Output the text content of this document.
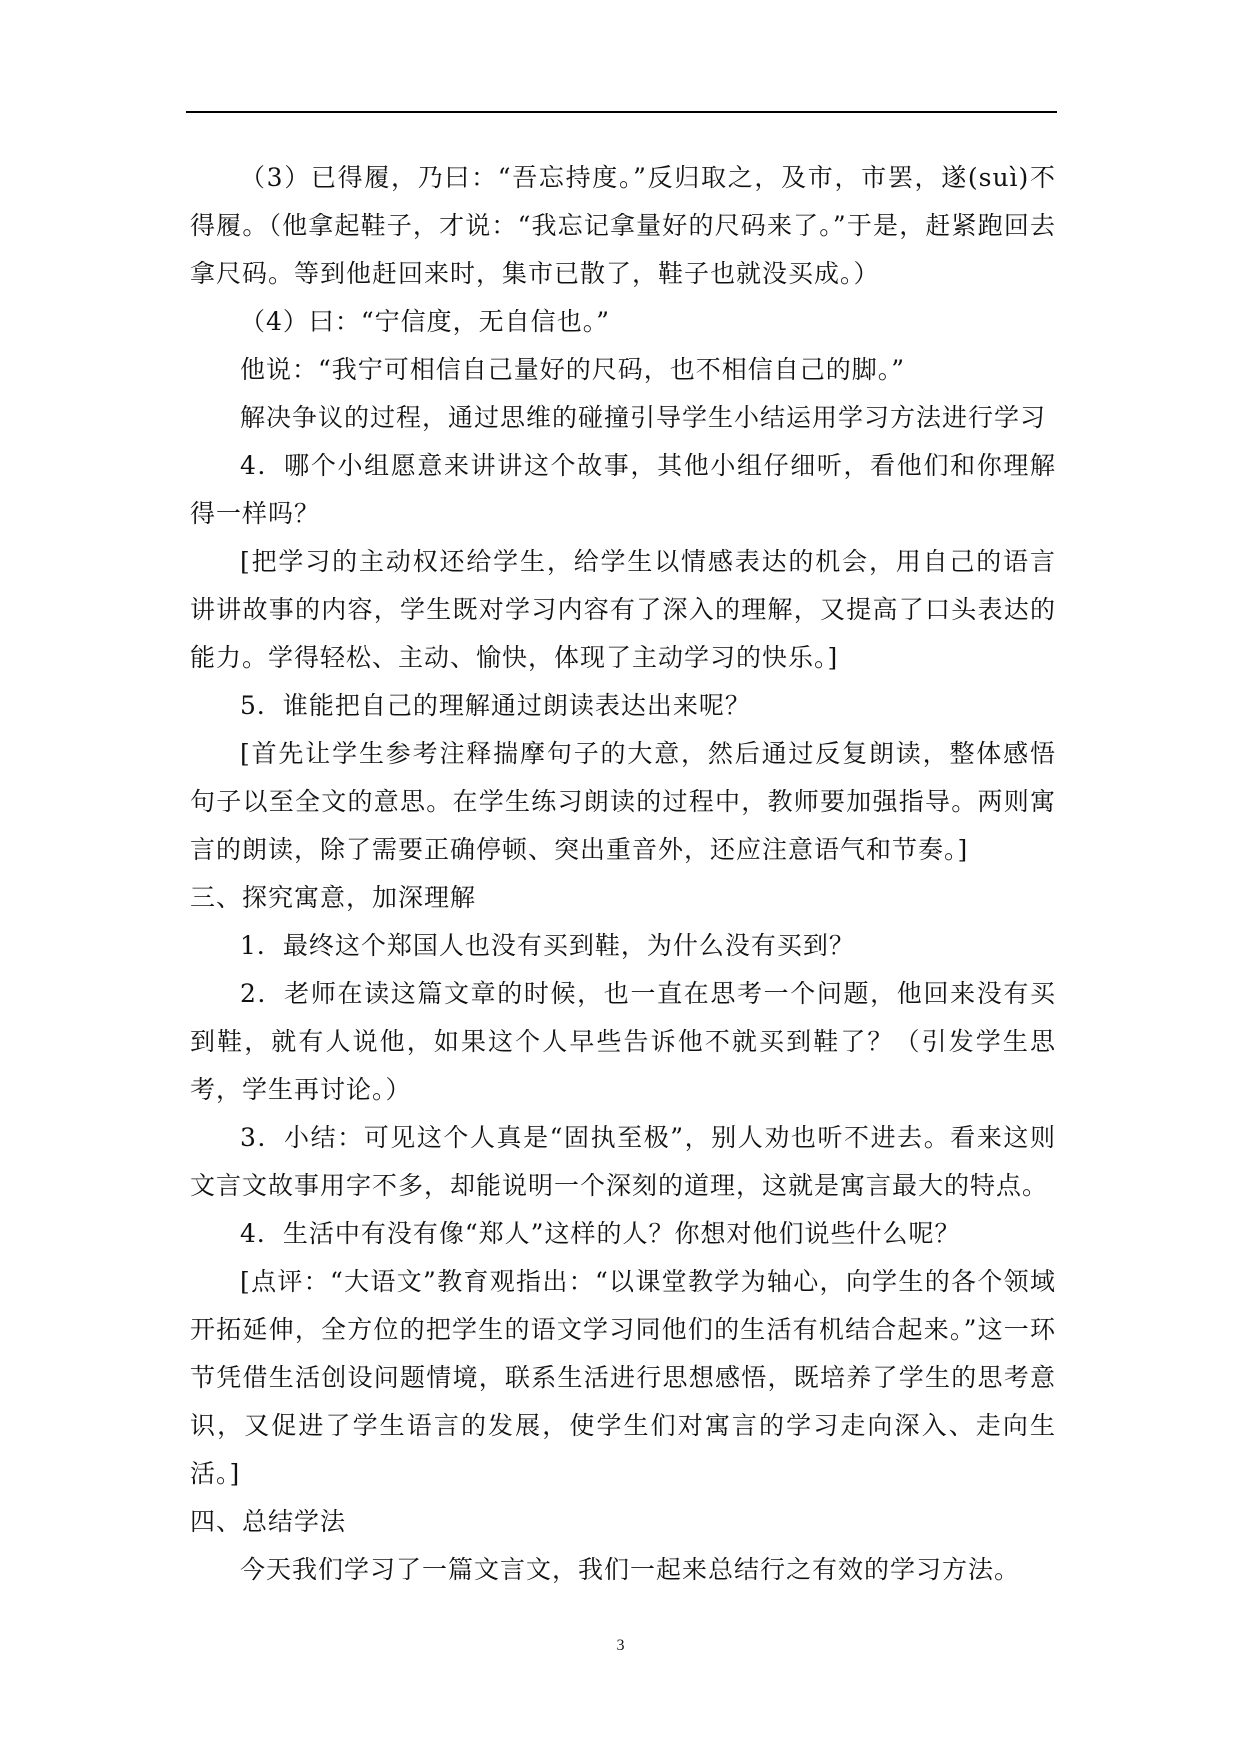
（3）已得履，乃曰：“吾忘持度。”反归取之，及市，市罢，遂(suì)不得履。（他拿起鞋子，才说：“我忘记拿量好的尺码来了。”于是，赶紧跑回去拿尺码。等到他赶回来时，集市已散了，鞋子也就没买成。）

（4）曰：“宁信度，无自信也。”

他说：“我宁可相信自己量好的尺码，也不相信自己的脚。”

解决争议的过程，通过思维的碰撞引导学生小结运用学习方法进行学习

4．哪个小组愿意来讲讲这个故事，其他小组仔细听，看他们和你理解得一样吗？

[把学习的主动权还给学生，给学生以情感表达的机会，用自己的语言讲讲故事的内容，学生既对学习内容有了深入的理解，又提高了口头表达的能力。学得轻松、主动、愉快，体现了主动学习的快乐。]

5．谁能把自己的理解通过朗读表达出来呢？

[首先让学生参考注释揣摩句子的大意，然后通过反复朗读，整体感悟句子以至全文的意思。在学生练习朗读的过程中，教师要加强指导。两则寓言的朗读，除了需要正确停顿、突出重音外，还应注意语气和节奏。]

三、探究寓意，加深理解

1．最终这个郑国人也没有买到鞋，为什么没有买到？

2．老师在读这篇文章的时候，也一直在思考一个问题，他回来没有买到鞋，就有人说他，如果这个人早些告诉他不就买到鞋了？（引发学生思考，学生再讨论。）

3．小结：可见这个人真是“固执至极”，别人劝也听不进去。看来这则文言文故事用字不多，却能说明一个深刻的道理，这就是寓言最大的特点。

4．生活中有没有像“郑人”这样的人？你想对他们说些什么呢？

[点评：“大语文”教育观指出：“以课堂教学为轴心，向学生的各个领域开拓延伸，全方位的把学生的语文学习同他们的生活有机结合起来。”这一环节凭借生活创设问题情境，联系生活进行思想感悟，既培养了学生的思考意识，又促进了学生语言的发展，使学生们对寓言的学习走向深入、走向生活。]

四、总结学法

今天我们学习了一篇文言文，我们一起来总结行之有效的学习方法。

3
